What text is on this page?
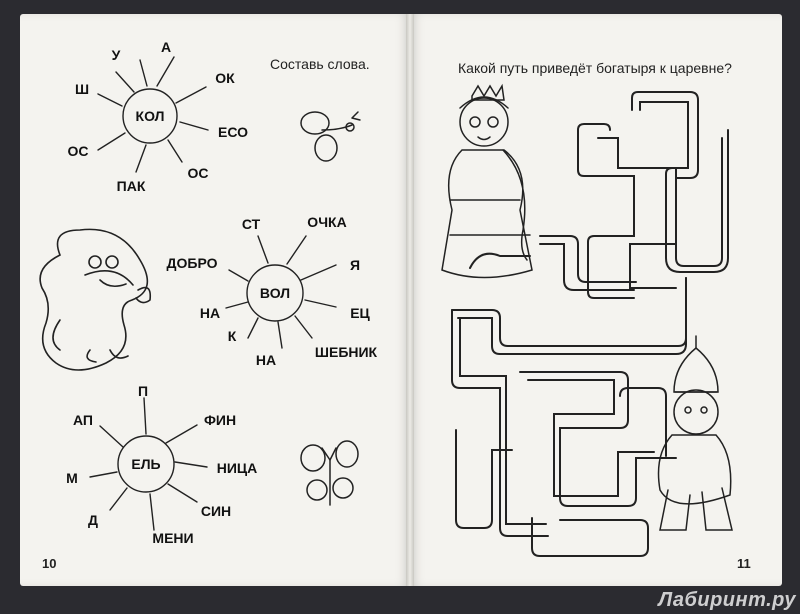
Составь слова.
10
КОЛ
У	А
ОК
ЕСО
ОС
ПАК
ОС
Ш
ВОЛ
СТ	ОЧКА
Я
ЕЦ
ШЕБНИК
НА
К
НА
ДОБРО
ЕЛЬ
П
ФИН
НИЦА
СИН
МЕНИ
Д
М
АП
Какой путь приведёт богатыря к царевне?
11
Лабиринт.ру
